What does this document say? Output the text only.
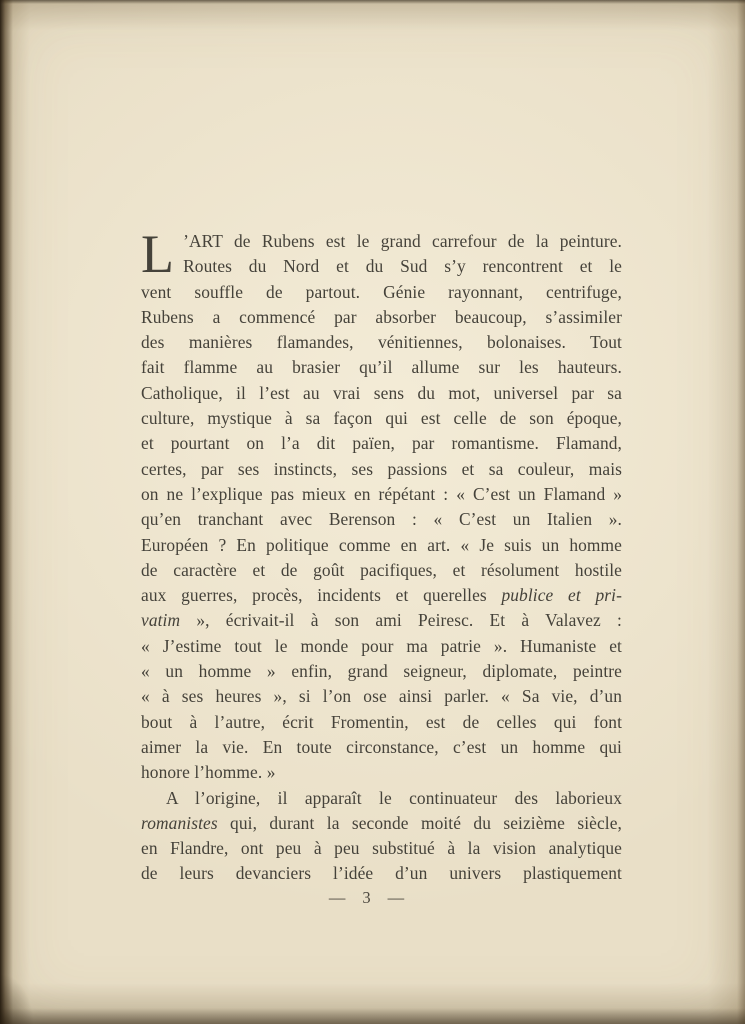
L ’ART de Rubens est le grand carrefour de la peinture.
Routes du Nord et du Sud s’y rencontrent et le
vent souffle de partout. Génie rayonnant, centrifuge,
Rubens a commencé par absorber beaucoup, s’assimiler
des manières flamandes, vénitiennes, bolonaises. Tout
fait flamme au brasier qu’il allume sur les hauteurs.
Catholique, il l’est au vrai sens du mot, universel par sa
culture, mystique à sa façon qui est celle de son époque,
et pourtant on l’a dit païen, par romantisme. Flamand,
certes, par ses instincts, ses passions et sa couleur, mais
on ne l’explique pas mieux en répétant : « C’est un Flamand »
qu’en tranchant avec Berenson : « C’est un Italien ».
Européen ? En politique comme en art. « Je suis un homme
de caractère et de goût pacifiques, et résolument hostile
aux guerres, procès, incidents et querelles publice et pri-
vatim », écrivait-il à son ami Peiresc. Et à Valavez :
« J’estime tout le monde pour ma patrie ». Humaniste et
« un homme » enfin, grand seigneur, diplomate, peintre
« à ses heures », si l’on ose ainsi parler. « Sa vie, d’un
bout à l’autre, écrit Fromentin, est de celles qui font
aimer la vie. En toute circonstance, c’est un homme qui
honore l’homme. »
A l’origine, il apparaît le continuateur des laborieux
romanistes qui, durant la seconde moité du seizième siècle,
en Flandre, ont peu à peu substitué à la vision analytique
de leurs devanciers l’idée d’un univers plastiquement
— 3 —
